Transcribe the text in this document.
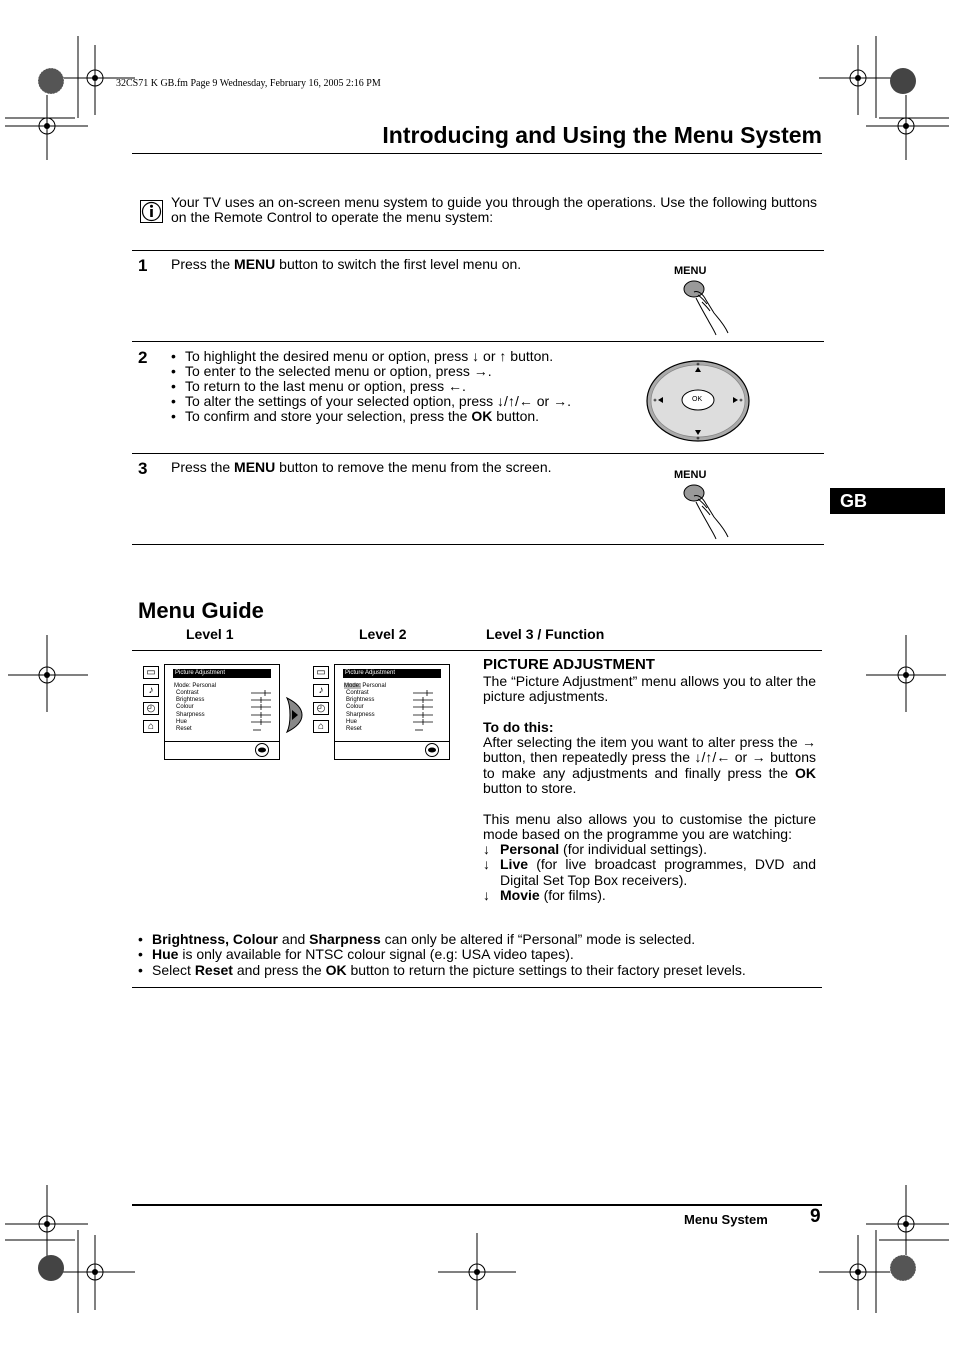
32CS71 K GB.fm Page 9 Wednesday, February 16, 2005 2:16 PM
Introducing and Using the Menu System
Your TV uses an on-screen menu system to guide you through the operations. Use the following buttons on the Remote Control to operate the menu system:
1 Press the MENU button to switch the first level menu on.	MENU
2
•	To highlight the desired menu or option, press ↓ or ↑ button.
• To enter to the selected menu or option, press →.
• To return to the last menu or option, press ←.
• To alter the settings of your selected option, press ↓/↑/← or →.
• To confirm and store your selection, press the OK button.
OK
3 Press the MENU button to remove the menu from the screen.	MENU
GB
Menu Guide
Level 1	Level 2	Level 3 / Function
▭
♪
◴
⌂
Picture Adjustment
Mode: Personal
Contrast
Brightness
Colour
Sharpness
Hue
Reset
▭
♪
◴
⌂
Picture Adjustment
Mode: Personal
Contrast
Brightness
Colour
Sharpness
Hue
Reset
PICTURE ADJUSTMENT
The “Picture Adjustment” menu allows you to alter the picture adjustments.
To do this:
After selecting the item you want to alter press the → button, then repeatedly press the ↓/↑/← or → buttons to make any adjustments and finally press the OK button to store.
This menu also allows you to customise the picture mode based on the programme you are watching:
↓ Personal (for individual settings).
↓ Live (for live broadcast programmes, DVD and Digital Set Top Box receivers).
↓ Movie (for films).
• Brightness, Colour and Sharpness can only be altered if “Personal” mode is selected.
• Hue is only available for NTSC colour signal (e.g: USA video tapes).
• Select Reset and press the OK button to return the picture settings to their factory preset levels.
Menu System 9
